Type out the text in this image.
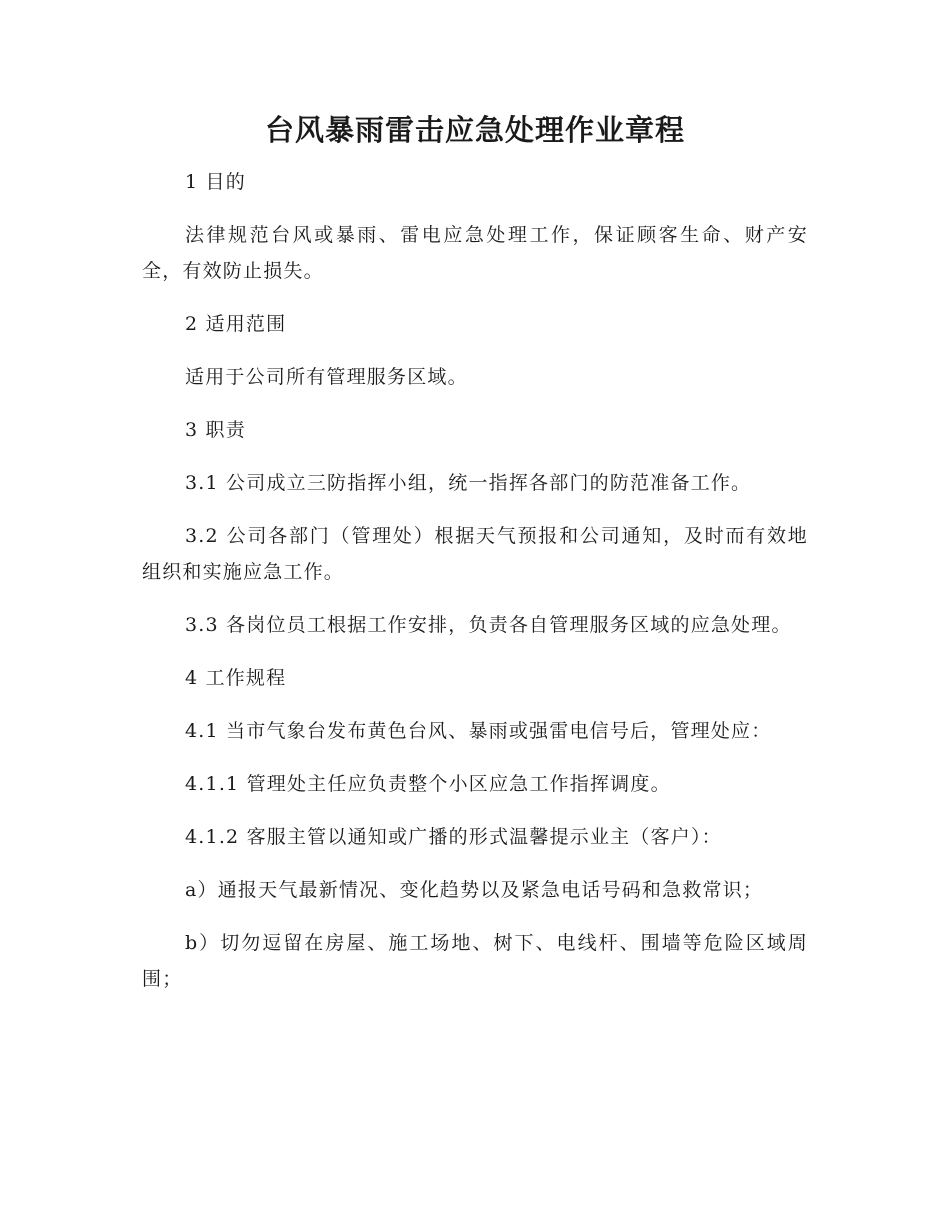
台风暴雨雷击应急处理作业章程

1 目的

法律规范台风或暴雨、雷电应急处理工作，保证顾客生命、财产安全，有效防止损失。

2 适用范围

适用于公司所有管理服务区域。

3 职责

3.1 公司成立三防指挥小组，统一指挥各部门的防范准备工作。

3.2 公司各部门（管理处）根据天气预报和公司通知，及时而有效地组织和实施应急工作。

3.3 各岗位员工根据工作安排，负责各自管理服务区域的应急处理。

4 工作规程

4.1 当市气象台发布黄色台风、暴雨或强雷电信号后，管理处应：

4.1.1 管理处主任应负责整个小区应急工作指挥调度。

4.1.2 客服主管以通知或广播的形式温馨提示业主（客户）：

a）通报天气最新情况、变化趋势以及紧急电话号码和急救常识；

b）切勿逗留在房屋、施工场地、树下、电线杆、围墙等危险区域周围；
